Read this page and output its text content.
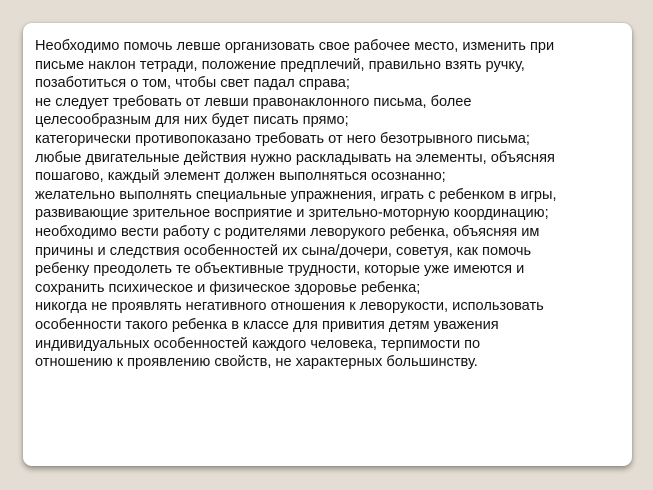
Необходимо помочь левше организовать свое рабочее место, изменить при
письме наклон тетради, положение предплечий, правильно взять ручку,
позаботиться о том, чтобы свет падал справа;
не следует требовать от левши правонаклонного письма, более
целесообразным для них будет писать прямо;
категорически противопоказано требовать от него безотрывного письма;
любые двигательные действия нужно раскладывать на элементы, объясняя
пошагово, каждый элемент должен выполняться осознанно;
желательно выполнять специальные упражнения, играть с ребенком в игры,
развивающие зрительное восприятие и зрительно-моторную координацию;
необходимо вести работу с родителями леворукого ребенка, объясняя им
причины и следствия особенностей их сына/дочери, советуя, как помочь
ребенку преодолеть те объективные трудности, которые уже имеются и
сохранить психическое и физическое здоровье ребенка;
никогда не проявлять негативного отношения к леворукости, использовать
особенности такого ребенка в классе для привития детям уважения
индивидуальных особенностей каждого человека, терпимости по
отношению к проявлению свойств, не характерных большинству.
